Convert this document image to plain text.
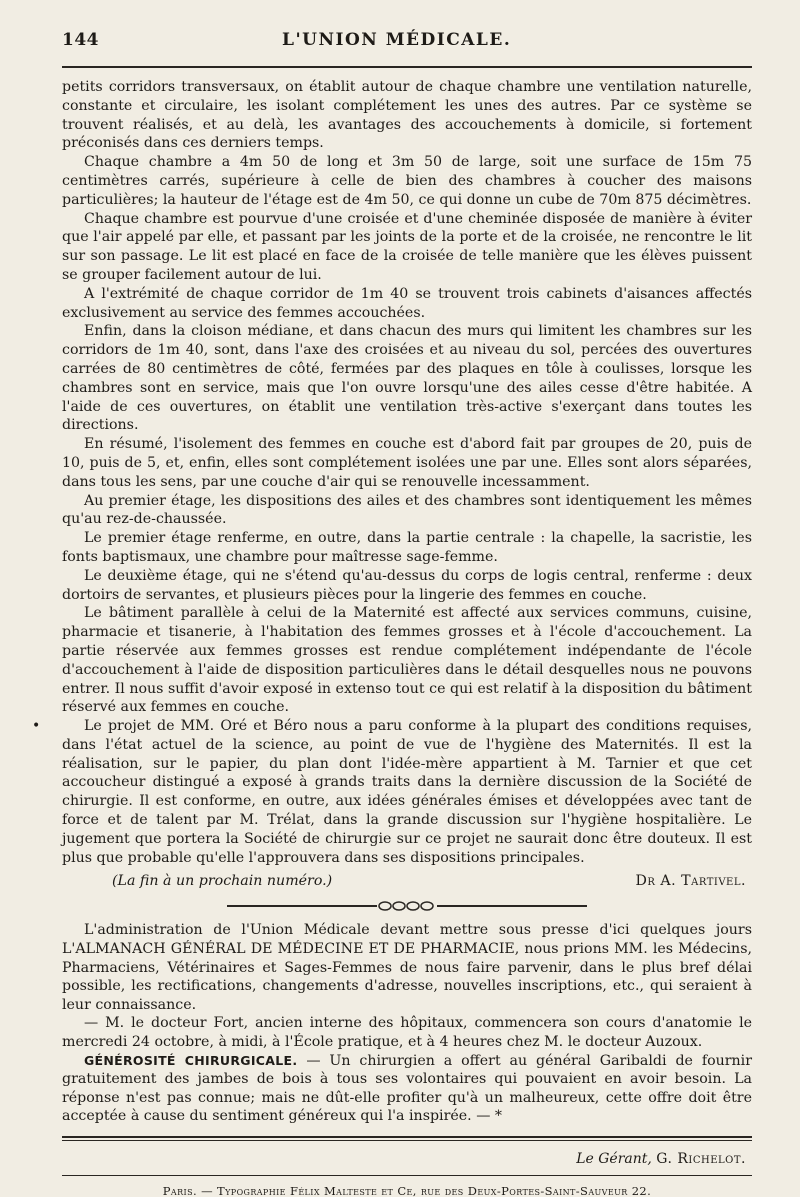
144	L'UNION MÉDICALE.

petits corridors transversaux, on établit autour de chaque chambre une ventilation naturelle, constante et circulaire, les isolant complétement les unes des autres. Par ce système se trouvent réalisés, et au delà, les avantages des accouchements à domicile, si fortement préconisés dans ces derniers temps.

Chaque chambre a 4m 50 de long et 3m 50 de large, soit une surface de 15m 75 centimètres carrés, supérieure à celle de bien des chambres à coucher des maisons particulières; la hauteur de l'étage est de 4m 50, ce qui donne un cube de 70m 875 décimètres.

Chaque chambre est pourvue d'une croisée et d'une cheminée disposée de manière à éviter que l'air appelé par elle, et passant par les joints de la porte et de la croisée, ne rencontre le lit sur son passage. Le lit est placé en face de la croisée de telle manière que les élèves puissent se grouper facilement autour de lui.

A l'extrémité de chaque corridor de 1m 40 se trouvent trois cabinets d'aisances affectés exclusivement au service des femmes accouchées.

Enfin, dans la cloison médiane, et dans chacun des murs qui limitent les chambres sur les corridors de 1m 40, sont, dans l'axe des croisées et au niveau du sol, percées des ouvertures carrées de 80 centimètres de côté, fermées par des plaques en tôle à coulisses, lorsque les chambres sont en service, mais que l'on ouvre lorsqu'une des ailes cesse d'être habitée. A l'aide de ces ouvertures, on établit une ventilation très-active s'exerçant dans toutes les directions.

En résumé, l'isolement des femmes en couche est d'abord fait par groupes de 20, puis de 10, puis de 5, et, enfin, elles sont complétement isolées une par une. Elles sont alors séparées, dans tous les sens, par une couche d'air qui se renouvelle incessamment.

Au premier étage, les dispositions des ailes et des chambres sont identiquement les mêmes qu'au rez-de-chaussée.

Le premier étage renferme, en outre, dans la partie centrale : la chapelle, la sacristie, les fonts baptismaux, une chambre pour maîtresse sage-femme.

Le deuxième étage, qui ne s'étend qu'au-dessus du corps de logis central, renferme : deux dortoirs de servantes, et plusieurs pièces pour la lingerie des femmes en couche.

Le bâtiment parallèle à celui de la Maternité est affecté aux services communs, cuisine, pharmacie et tisanerie, à l'habitation des femmes grosses et à l'école d'accouchement. La partie réservée aux femmes grosses est rendue complétement indépendante de l'école d'accouchement à l'aide de disposition particulières dans le détail desquelles nous ne pouvons entrer. Il nous suffit d'avoir exposé in extenso tout ce qui est relatif à la disposition du bâtiment réservé aux femmes en couche.

Le projet de MM. Oré et Béro nous a paru conforme à la plupart des conditions requises, dans l'état actuel de la science, au point de vue de l'hygiène des Maternités. Il est la réalisation, sur le papier, du plan dont l'idée-mère appartient à M. Tarnier et que cet accoucheur distingué a exposé à grands traits dans la dernière discussion de la Société de chirurgie. Il est conforme, en outre, aux idées générales émises et développées avec tant de force et de talent par M. Trélat, dans la grande discussion sur l'hygiène hospitalière. Le jugement que portera la Société de chirurgie sur ce projet ne saurait donc être douteux. Il est plus que probable qu'elle l'approuvera dans ses dispositions principales.

(La fin à un prochain numéro.)	Dr A. Tartivel.

L'administration de l'Union Médicale devant mettre sous presse d'ici quelques jours L'ALMANACH GÉNÉRAL DE MÉDECINE ET DE PHARMACIE, nous prions MM. les Médecins, Pharmaciens, Vétérinaires et Sages-Femmes de nous faire parvenir, dans le plus bref délai possible, les rectifications, changements d'adresse, nouvelles inscriptions, etc., qui seraient à leur connaissance.

— M. le docteur Fort, ancien interne des hôpitaux, commencera son cours d'anatomie le mercredi 24 octobre, à midi, à l'École pratique, et à 4 heures chez M. le docteur Auzoux.

GÉNÉROSITÉ CHIRURGICALE. — Un chirurgien a offert au général Garibaldi de fournir gratuitement des jambes de bois à tous ses volontaires qui pouvaient en avoir besoin. La réponse n'est pas connue; mais ne dût-elle profiter qu'à un malheureux, cette offre doit être acceptée à cause du sentiment généreux qui l'a inspirée. — *

Le Gérant, G. Richelot.
Paris. — Typographie Félix Malteste et Ce, rue des Deux-Portes-Saint-Sauveur 22.
•
